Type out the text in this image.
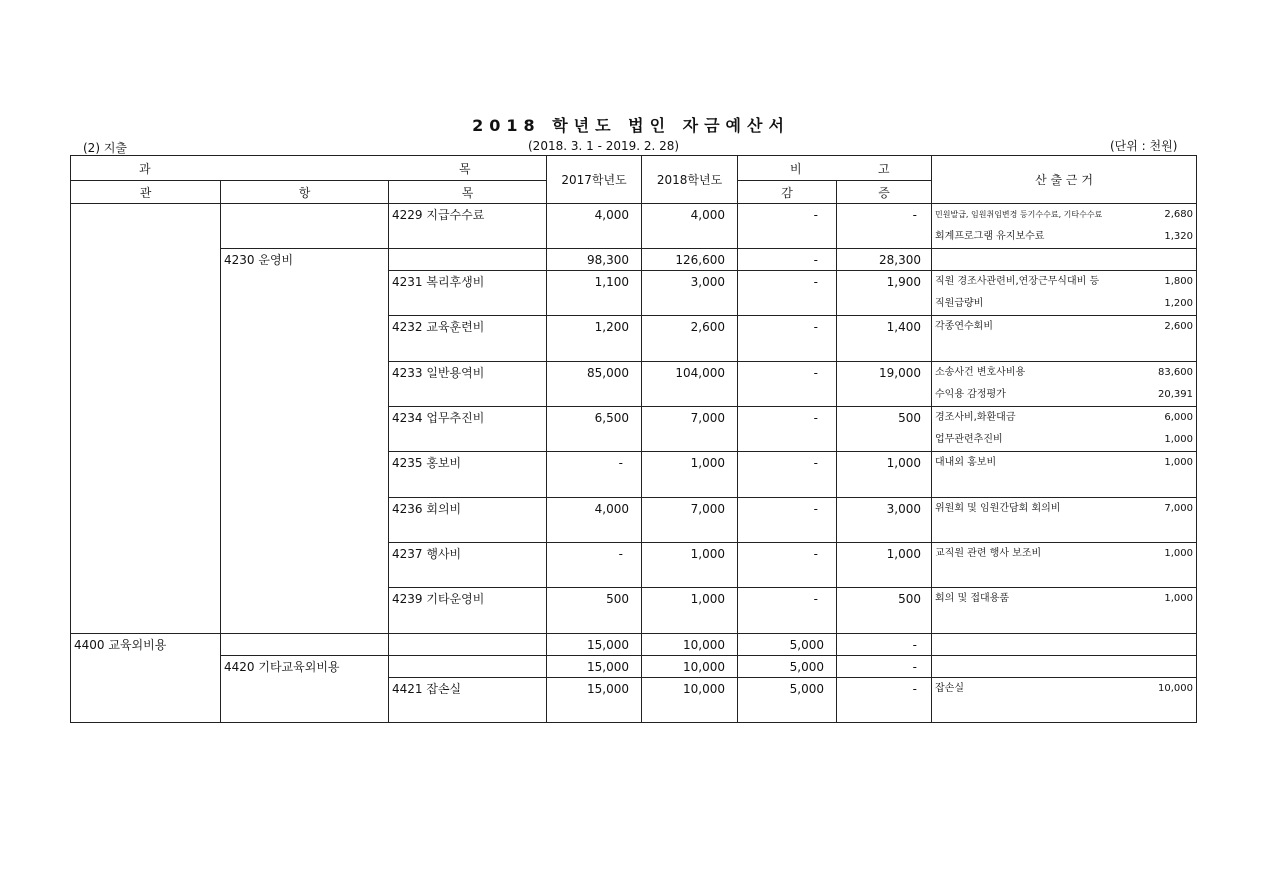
2018 학년도 법인 자금예산서
(2) 지출	(2018. 3. 1 - 2019. 2. 28)	(단위 : 천원)
과 목			2017학년도	2018학년도	비 고		산 출 근 거
관	항	목			감	증	
		4229 지급수수료	4,000	4,000	-	-	민원발급, 임원취임변경 등기수수료, 기타수수료 2,680
회계프로그램 유지보수료 1,320

	4230 운영비		98,300	126,600	-	28,300	
		4231 복리후생비	1,100	3,000	-	1,900	직원 경조사관련비,연장근무식대비 등 1,800
직원급량비 1,200

		4232 교육훈련비	1,200	2,600	-	1,400	각종연수회비 2,600

		4233 일반용역비	85,000	104,000	-	19,000	소송사건 변호사비용 83,600
수익용 감정평가 20,391

		4234 업무추진비	6,500	7,000	-	500	경조사비,화환대금 6,000
업무관련추진비 1,000

		4235 홍보비	-	1,000	-	1,000	대내외 홍보비 1,000

		4236 회의비	4,000	7,000	-	3,000	위원회 및 임원간담회 회의비 7,000

		4237 행사비	-	1,000	-	1,000	교직원 관련 행사 보조비 1,000

		4239 기타운영비	500	1,000	-	500	회의 및 접대용품 1,000

4400 교육외비용			15,000	10,000	5,000	-	
	4420 기타교육외비용		15,000	10,000	5,000	-	
		4421 잡손실	15,000	10,000	5,000	-	잡손실 10,000
